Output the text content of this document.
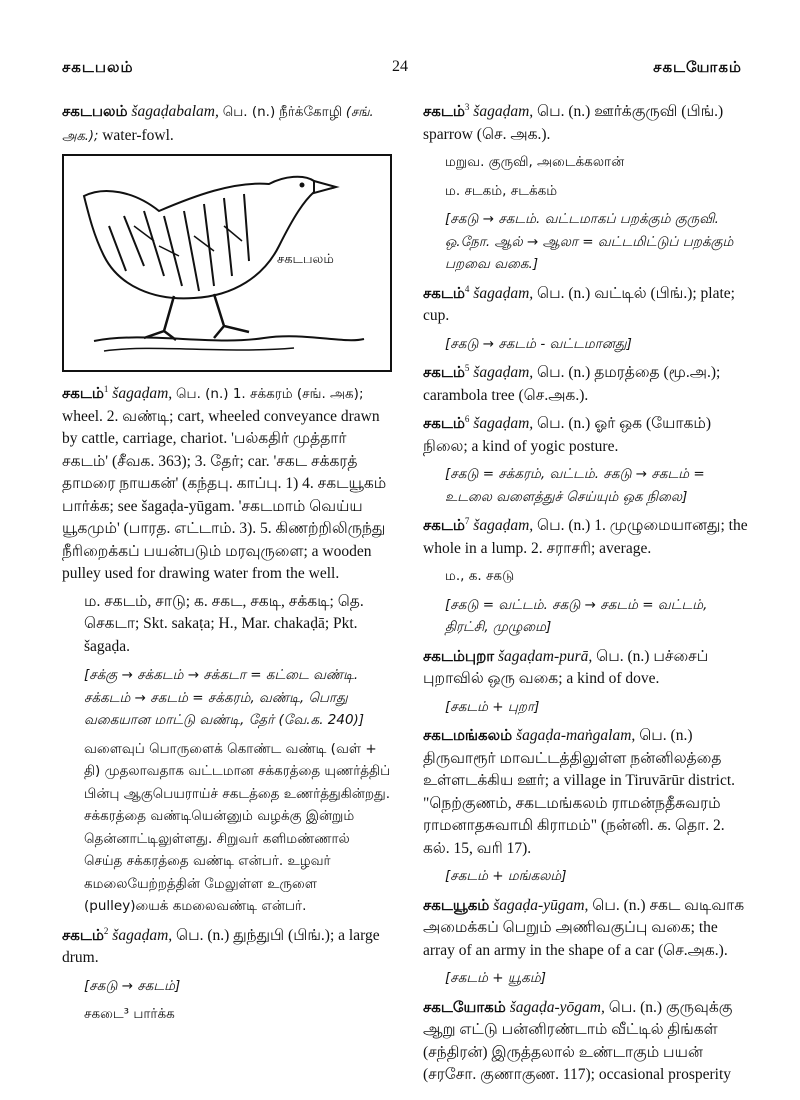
சகடபலம்	24	சகடயோகம்

சகடபலம் šagaḍabalam, பெ. (n.) நீர்க்கோழி (சங். அக.); water-fowl.

சகடபலம்

சகடம்$^1$ šagaḍam, பெ. (n.) 1. சக்கரம் (சங். அக); wheel. 2. வண்டி; cart, wheeled conveyance drawn by cattle, carriage, chariot. 'பல்கதிர் முத்தார் சகடம்' (சீவக. 363); 3. தேர்; car. 'சகட சக்கரத் தாமரை நாயகன்' (கந்தபு. காப்பு. 1) 4. சகடயூகம் பார்க்க; see šagaḍa-yūgam. 'சகடமாம் வெய்ய யூகமும்' (பாரத. எட்டாம். 3). 5. கிணற்றிலிருந்து நீரிறைக்கப் பயன்படும் மரவுருளை; a wooden pulley used for drawing water from the well.

ம. சகடம், சாடு; க. சகட, சகடி, சக்கடி; தெ. செகடா; Skt. sakaṭa; H., Mar. chakaḍā; Pkt. šagaḍa.

[சக்கு → சக்கடம் → சக்கடா = கட்டை வண்டி. சக்கடம் → சகடம் = சக்கரம், வண்டி, பொது வகையான மாட்டு வண்டி, தேர் (வே.க. 240)]

வளைவுப் பொருளைக் கொண்ட வண்டி (வள் + தி) முதலாவதாக வட்டமான சக்கரத்தை யுணர்த்திப் பின்பு ஆகுபெயராய்ச் சகடத்தை உணர்த்துகின்றது. சக்கரத்தை வண்டியென்னும் வழக்கு இன்றும் தென்னாட்டிலுள்ளது. சிறுவர் களிமண்ணால் செய்த சக்கரத்தை வண்டி என்பர். உழவர் கமலையேற்றத்தின் மேலுள்ள உருளை (pulley)யைக் கமலைவண்டி என்பர்.

சகடம்$^2$ šagaḍam, பெ. (n.) துந்துபி (பிங்.); a large drum.

[சகடு → சகடம்]

சகடை³ பார்க்க

சகடம்$^3$ šagaḍam, பெ. (n.) ஊர்க்குருவி (பிங்.) sparrow (செ. அக.).

மறுவ. குருவி, அடைக்கலான்

ம. சடகம், சடக்கம்

[சகடு → சகடம். வட்டமாகப் பறக்கும் குருவி. ஒ.நோ. ஆல் → ஆலா = வட்டமிட்டுப் பறக்கும் பறவை வகை.]

சகடம்$^4$ šagaḍam, பெ. (n.) வட்டில் (பிங்.); plate; cup.

[சகடு → சகடம் - வட்டமானது]

சகடம்$^5$ šagaḍam, பெ. (n.) தமரத்தை (மூ.அ.); carambola tree (செ.அக.).

சகடம்$^6$ šagaḍam, பெ. (n.) ஓர் ஒக (யோகம்) நிலை; a kind of yogic posture.

[சகடு = சக்கரம், வட்டம். சகடு → சகடம் = உடலை வளைத்துச் செய்யும் ஒக நிலை]

சகடம்$^7$ šagaḍam, பெ. (n.) 1. முழுமையானது; the whole in a lump. 2. சராசரி; average.

ம., க. சகடு

[சகடு = வட்டம். சகடு → சகடம் = வட்டம், திரட்சி, முழுமை]

சகடம்புறா šagaḍam-purā, பெ. (n.) பச்சைப் புறாவில் ஒரு வகை; a kind of dove.

[சகடம் + புறா]

சகடமங்கலம் šagaḍa-maṅgalam, பெ. (n.) திருவாரூர் மாவட்டத்திலுள்ள நன்னிலத்தை உள்ளடக்கிய ஊர்; a village in Tiruvārūr district. "நெற்குணம், சகடமங்கலம் ராமன்நதீசுவரம் ராமனாதசுவாமி கிராமம்" (நன்னி. க. தொ. 2. கல். 15, வரி 17).

[சகடம் + மங்கலம்]

சகடயூகம் šagaḍa-yūgam, பெ. (n.) சகட வடிவாக அமைக்கப் பெறும் அணிவகுப்பு வகை; the array of an army in the shape of a car (செ.அக.).

[சகடம் + யூகம்]

சகடயோகம் šagaḍa-yōgam, பெ. (n.) குருவுக்கு ஆறு எட்டு பன்னிரண்டாம் வீட்டில் திங்கள் (சந்திரன்) இருத்தலால் உண்டாகும் பயன் (சரசோ. குணாகுண. 117); occasional prosperity
